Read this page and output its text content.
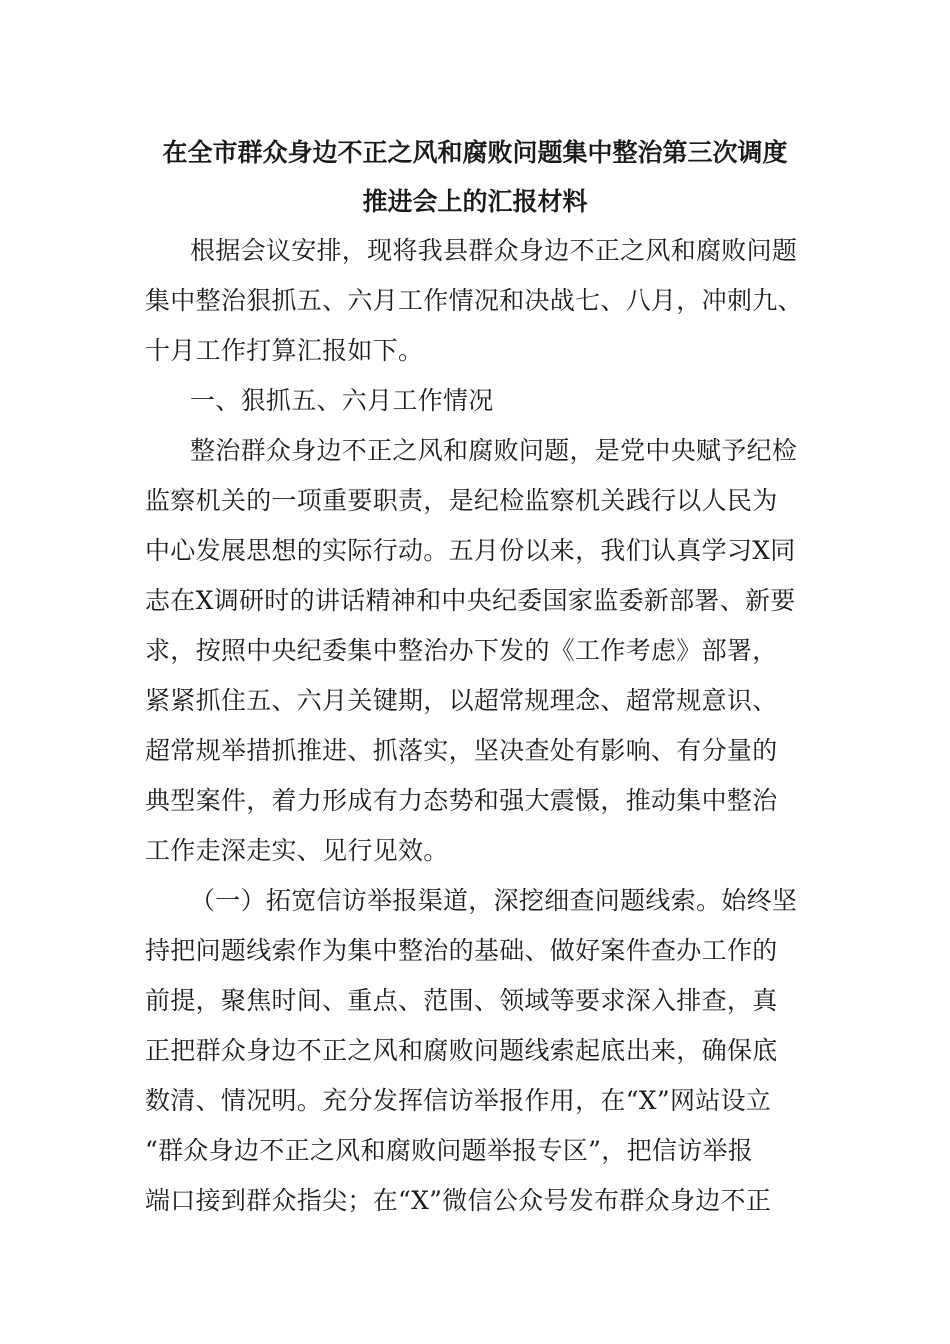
在全市群众身边不正之风和腐败问题集中整治第三次调度
推进会上的汇报材料

根据会议安排，现将我县群众身边不正之风和腐败问题

集中整治狠抓五、六月工作情况和决战七、八月，冲刺九、

十月工作打算汇报如下。

一、狠抓五、六月工作情况

整治群众身边不正之风和腐败问题，是党中央赋予纪检

监察机关的一项重要职责，是纪检监察机关践行以人民为

中心发展思想的实际行动。五月份以来，我们认真学习X同

志在X调研时的讲话精神和中央纪委国家监委新部署、新要

求，按照中央纪委集中整治办下发的《工作考虑》部署，

紧紧抓住五、六月关键期，以超常规理念、超常规意识、

超常规举措抓推进、抓落实，坚决查处有影响、有分量的

典型案件，着力形成有力态势和强大震慑，推动集中整治

工作走深走实、见行见效。

（一）拓宽信访举报渠道，深挖细查问题线索。始终坚

持把问题线索作为集中整治的基础、做好案件查办工作的

前提，聚焦时间、重点、范围、领域等要求深入排查，真

正把群众身边不正之风和腐败问题线索起底出来，确保底

数清、情况明。充分发挥信访举报作用，在“X”网站设立

“群众身边不正之风和腐败问题举报专区”，把信访举报

端口接到群众指尖；在“X”微信公众号发布群众身边不正
